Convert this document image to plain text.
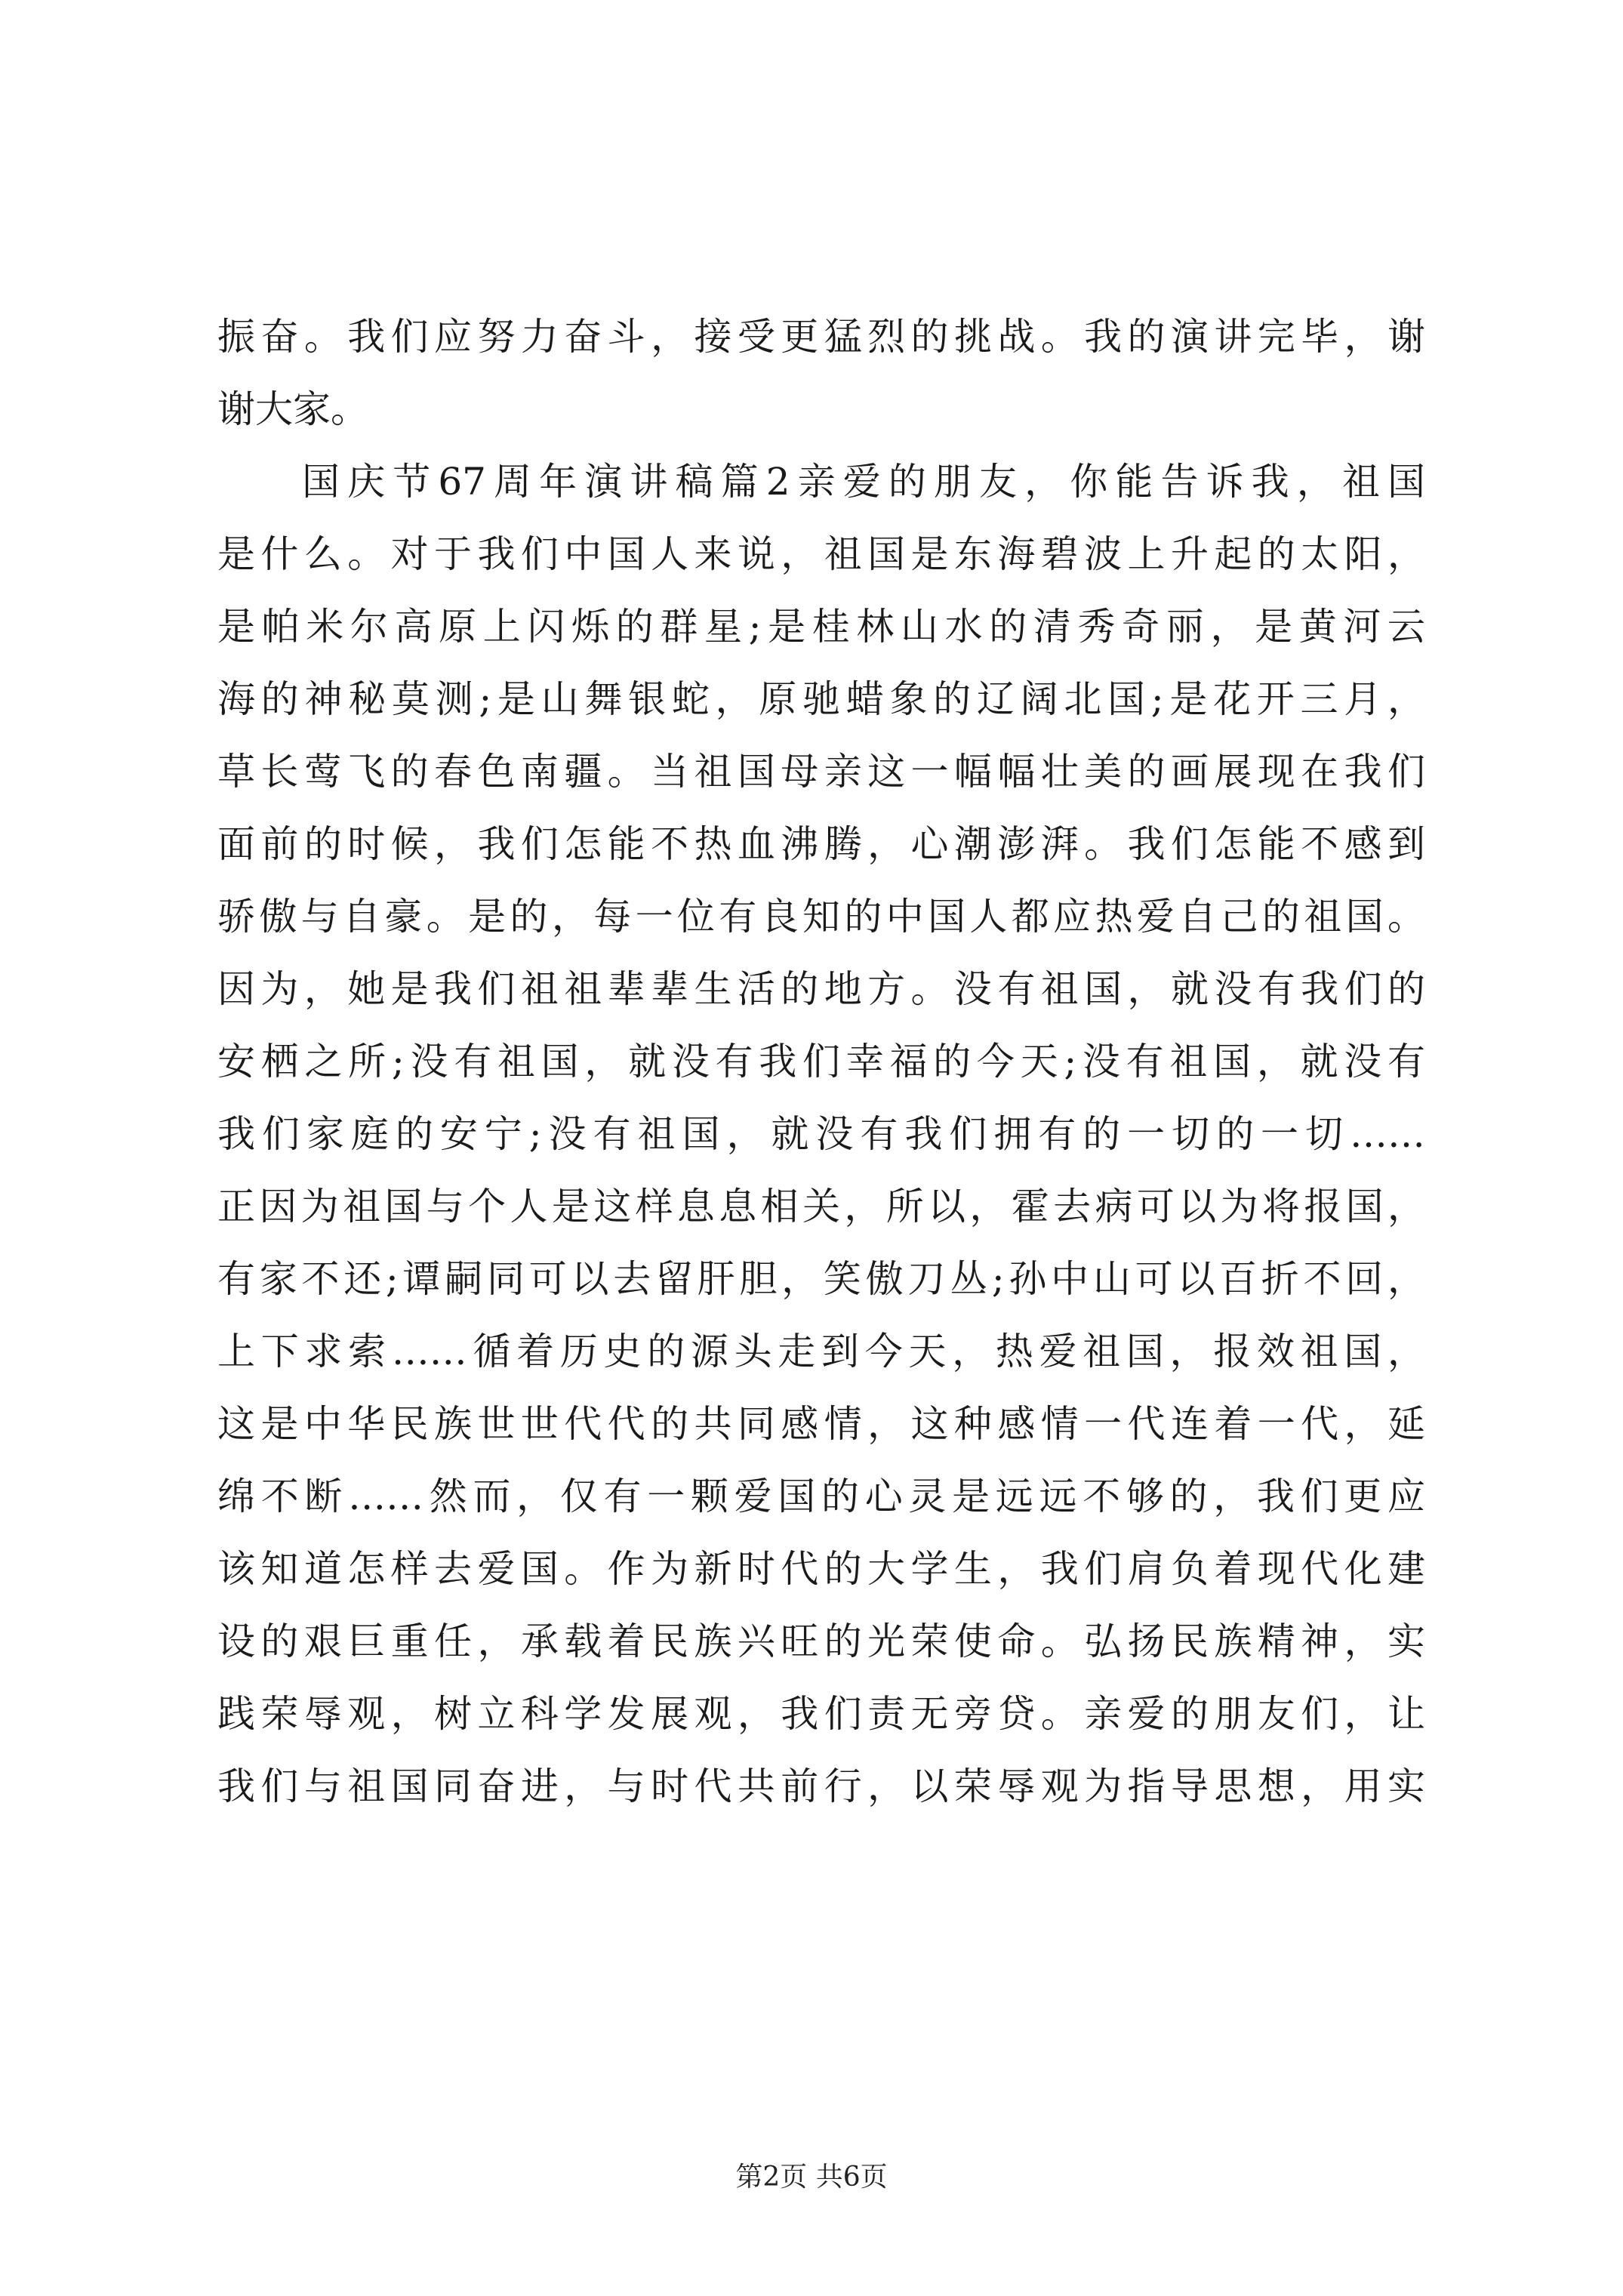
振奋。我们应努力奋斗，接受更猛烈的挑战。我的演讲完毕，谢
谢大家。
国庆节67周年演讲稿篇2亲爱的朋友，你能告诉我，祖国
是什么。对于我们中国人来说，祖国是东海碧波上升起的太阳，
是帕米尔高原上闪烁的群星;是桂林山水的清秀奇丽，是黄河云
海的神秘莫测;是山舞银蛇，原驰蜡象的辽阔北国;是花开三月，
草长莺飞的春色南疆。当祖国母亲这一幅幅壮美的画展现在我们
面前的时候，我们怎能不热血沸腾，心潮澎湃。我们怎能不感到
骄傲与自豪。是的，每一位有良知的中国人都应热爱自己的祖国。
因为，她是我们祖祖辈辈生活的地方。没有祖国，就没有我们的
安栖之所;没有祖国，就没有我们幸福的今天;没有祖国，就没有
我们家庭的安宁;没有祖国，就没有我们拥有的一切的一切……
正因为祖国与个人是这样息息相关，所以，霍去病可以为将报国，
有家不还;谭嗣同可以去留肝胆，笑傲刀丛;孙中山可以百折不回，
上下求索……循着历史的源头走到今天，热爱祖国，报效祖国，
这是中华民族世世代代的共同感情，这种感情一代连着一代，延
绵不断……然而，仅有一颗爱国的心灵是远远不够的，我们更应
该知道怎样去爱国。作为新时代的大学生，我们肩负着现代化建
设的艰巨重任，承载着民族兴旺的光荣使命。弘扬民族精神，实
践荣辱观，树立科学发展观，我们责无旁贷。亲爱的朋友们，让
我们与祖国同奋进，与时代共前行，以荣辱观为指导思想，用实
第2页 共6页
